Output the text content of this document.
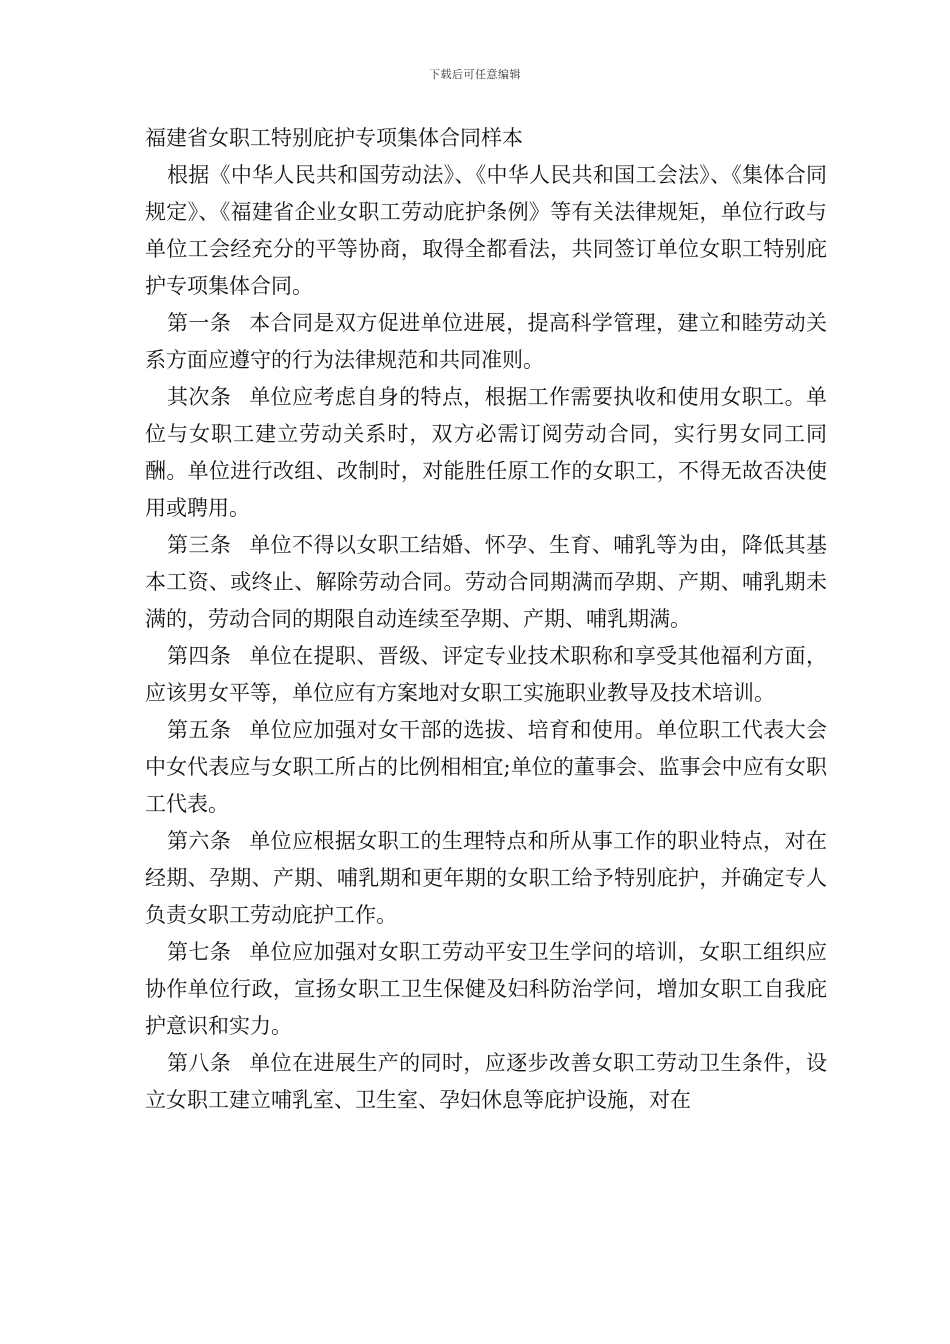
下载后可任意编辑

福建省女职工特别庇护专项集体合同样本

根据《中华人民共和国劳动法》、《中华人民共和国工会法》、《集体合同规定》、《福建省企业女职工劳动庇护条例》等有关法律规矩，单位行政与单位工会经充分的平等协商，取得全都看法，共同签订单位女职工特别庇护专项集体合同。

第一条 本合同是双方促进单位进展，提高科学管理，建立和睦劳动关系方面应遵守的行为法律规范和共同准则。

其次条 单位应考虑自身的特点，根据工作需要执收和使用女职工。单位与女职工建立劳动关系时，双方必需订阅劳动合同，实行男女同工同酬。单位进行改组、改制时，对能胜任原工作的女职工，不得无故否决使用或聘用。

第三条 单位不得以女职工结婚、怀孕、生育、哺乳等为由，降低其基本工资、或终止、解除劳动合同。劳动合同期满而孕期、产期、哺乳期未满的，劳动合同的期限自动连续至孕期、产期、哺乳期满。

第四条 单位在提职、晋级、评定专业技术职称和享受其他福利方面，应该男女平等，单位应有方案地对女职工实施职业教导及技术培训。

第五条 单位应加强对女干部的选拔、培育和使用。单位职工代表大会中女代表应与女职工所占的比例相相宜;单位的董事会、监事会中应有女职工代表。

第六条 单位应根据女职工的生理特点和所从事工作的职业特点，对在经期、孕期、产期、哺乳期和更年期的女职工给予特别庇护，并确定专人负责女职工劳动庇护工作。

第七条 单位应加强对女职工劳动平安卫生学问的培训，女职工组织应协作单位行政，宣扬女职工卫生保健及妇科防治学问，增加女职工自我庇护意识和实力。

第八条 单位在进展生产的同时，应逐步改善女职工劳动卫生条件，设立女职工建立哺乳室、卫生室、孕妇休息等庇护设施，对在
